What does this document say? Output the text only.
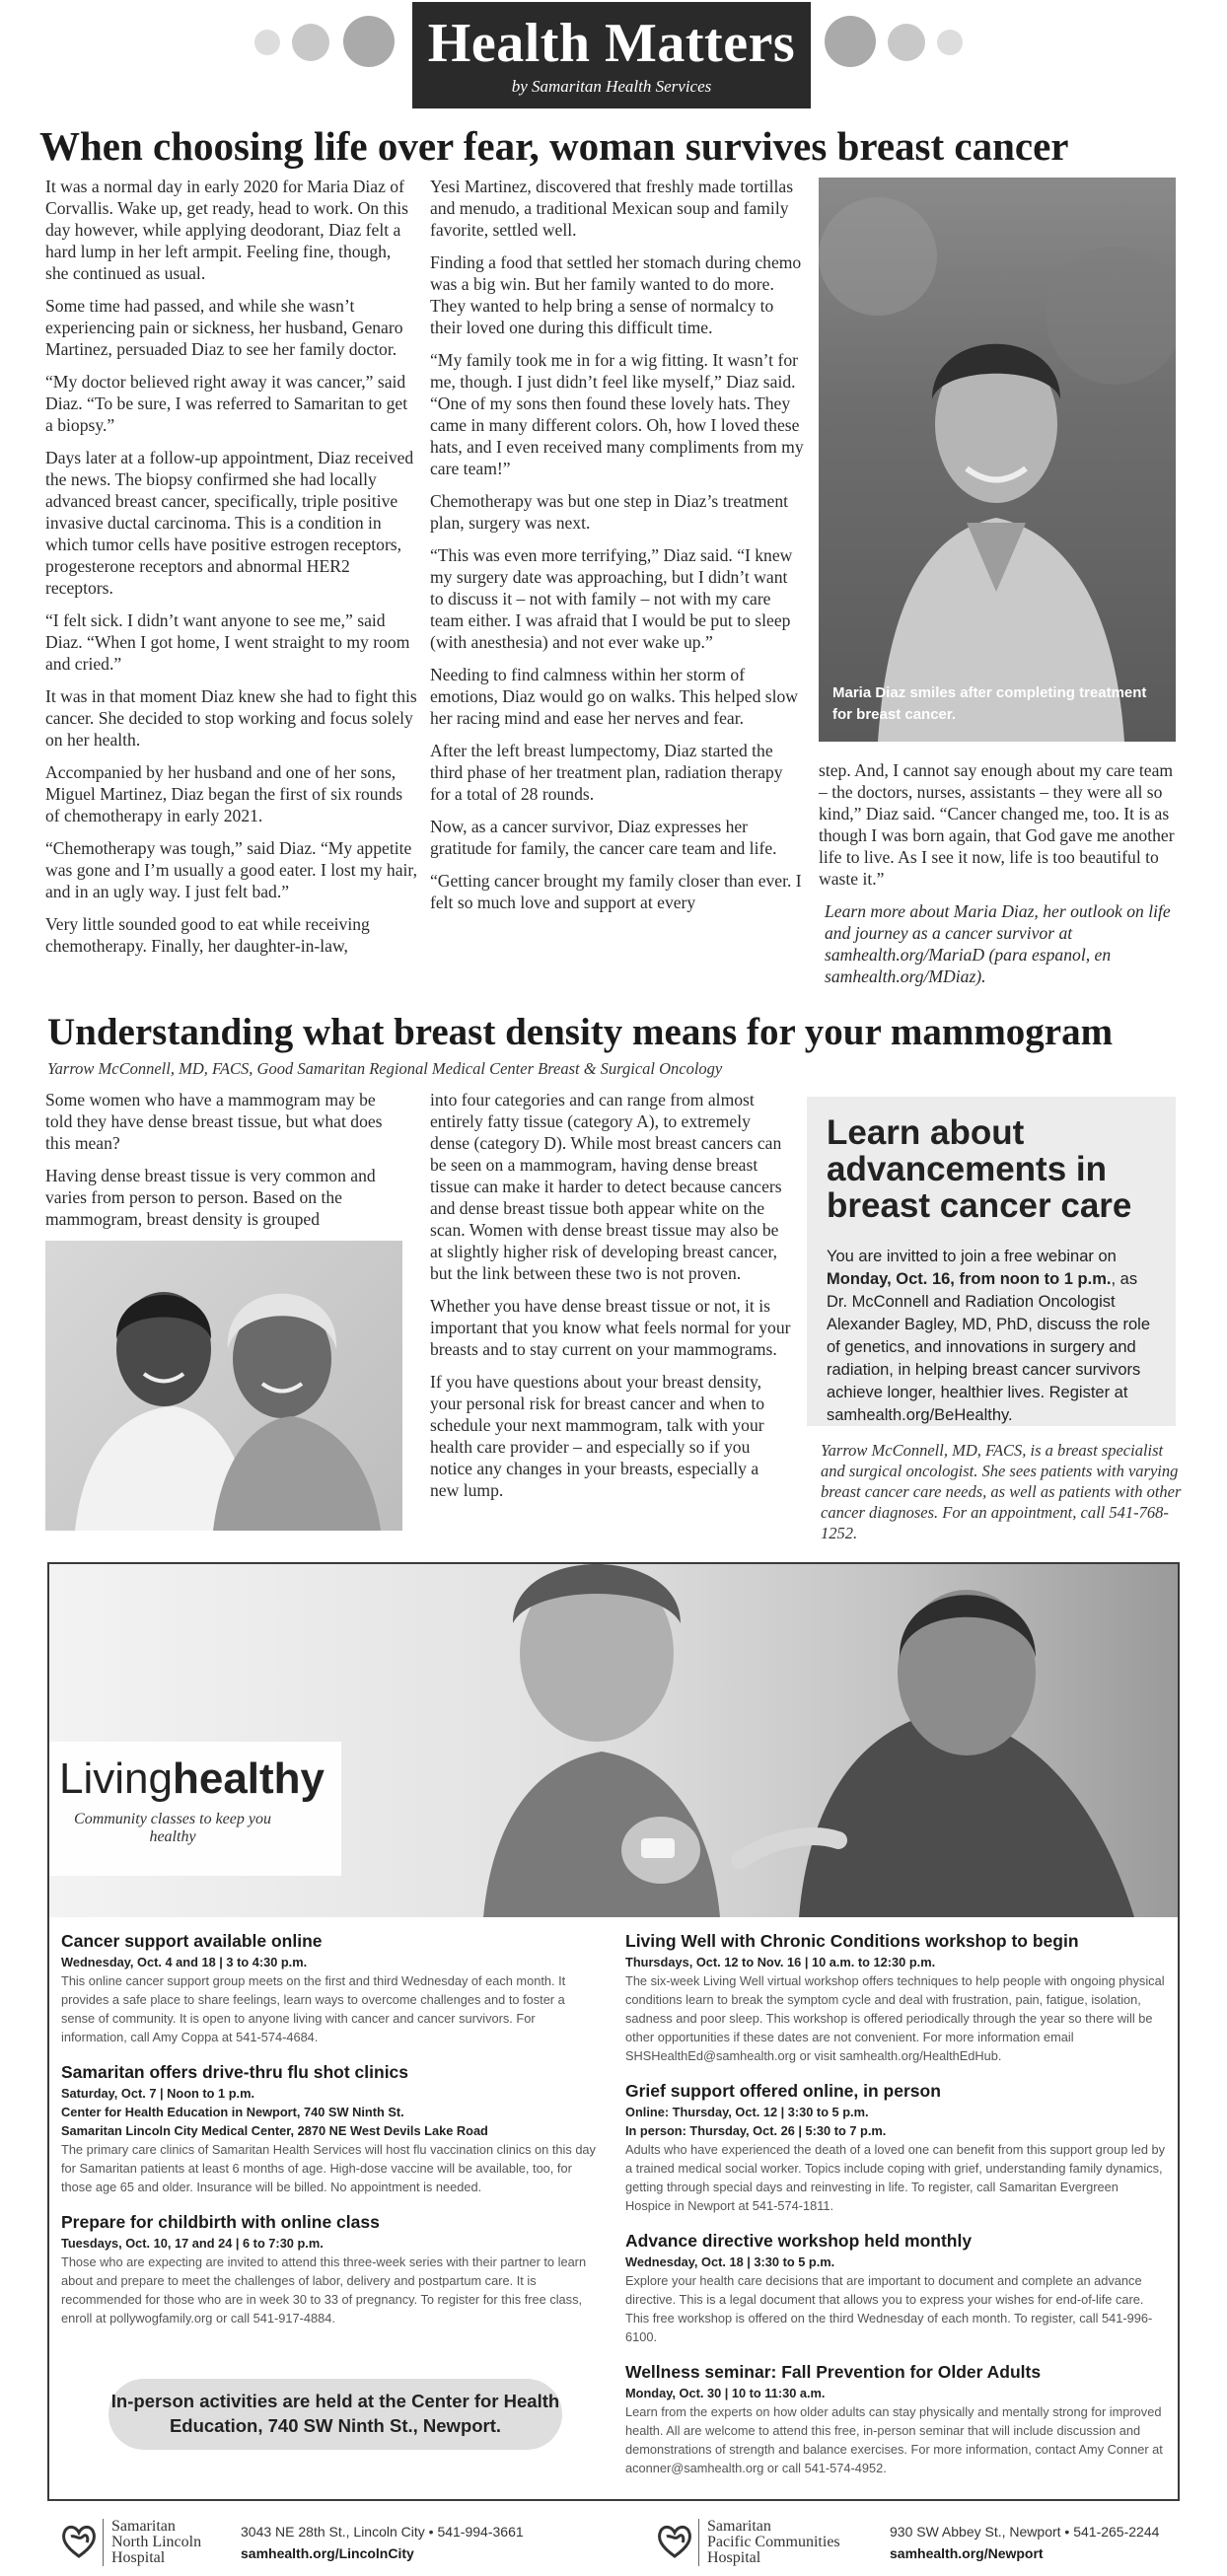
Health Matters
by Samaritan Health Services
When choosing life over fear, woman survives breast cancer

It was a normal day in early 2020 for Maria Diaz of Corvallis. Wake up, get ready, head to work. On this day however, while applying deodorant, Diaz felt a hard lump in her left armpit. Feeling fine, though, she continued as usual.

Some time had passed, and while she wasn’t experiencing pain or sickness, her husband, Genaro Martinez, persuaded Diaz to see her family doctor.

“My doctor believed right away it was cancer,” said Diaz. “To be sure, I was referred to Samaritan to get a biopsy.”

Days later at a follow-up appointment, Diaz received the news. The biopsy confirmed she had locally advanced breast cancer, specifically, triple positive invasive ductal carcinoma. This is a condition in which tumor cells have positive estrogen receptors, progesterone receptors and abnormal HER2 receptors.

“I felt sick. I didn’t want anyone to see me,” said Diaz. “When I got home, I went straight to my room and cried.”

It was in that moment Diaz knew she had to fight this cancer. She decided to stop working and focus solely on her health.

Accompanied by her husband and one of her sons, Miguel Martinez, Diaz began the first of six rounds of chemotherapy in early 2021.

“Chemotherapy was tough,” said Diaz. “My appetite was gone and I’m usually a good eater. I lost my hair, and in an ugly way. I just felt bad.”

Very little sounded good to eat while receiving chemotherapy. Finally, her daughter-in-law,

Yesi Martinez, discovered that freshly made tortillas and menudo, a traditional Mexican soup and family favorite, settled well.

Finding a food that settled her stomach during chemo was a big win. But her family wanted to do more. They wanted to help bring a sense of normalcy to their loved one during this difficult time.

“My family took me in for a wig fitting. It wasn’t for me, though. I just didn’t feel like myself,” Diaz said. “One of my sons then found these lovely hats. They came in many different colors. Oh, how I loved these hats, and I even received many compliments from my care team!”

Chemotherapy was but one step in Diaz’s treatment plan, surgery was next.

“This was even more terrifying,” Diaz said. “I knew my surgery date was approaching, but I didn’t want to discuss it – not with family – not with my care team either. I was afraid that I would be put to sleep (with anesthesia) and not ever wake up.”

Needing to find calmness within her storm of emotions, Diaz would go on walks. This helped slow her racing mind and ease her nerves and fear.

After the left breast lumpectomy, Diaz started the third phase of her treatment plan, radiation therapy for a total of 28 rounds.

Now, as a cancer survivor, Diaz expresses her gratitude for family, the cancer care team and life.

“Getting cancer brought my family closer than ever. I felt so much love and support at every

Maria Diaz smiles after completing treatment for breast cancer.

step. And, I cannot say enough about my care team – the doctors, nurses, assistants – they were all so kind,” Diaz said. “Cancer changed me, too. It is as though I was born again, that God gave me another life to live. As I see it now, life is too beautiful to waste it.”

Learn more about Maria Diaz, her outlook on life and journey as a cancer survivor at samhealth.org/MariaD (para espanol, en samhealth.org/MDiaz).

Understanding what breast density means for your mammogram
Yarrow McConnell, MD, FACS, Good Samaritan Regional Medical Center Breast & Surgical Oncology

Some women who have a mammogram may be told they have dense breast tissue, but what does this mean?

Having dense breast tissue is very common and varies from person to person. Based on the mammogram, breast density is grouped

into four categories and can range from almost entirely fatty tissue (category A), to extremely dense (category D). While most breast cancers can be seen on a mammogram, having dense breast tissue can make it harder to detect because cancers and dense breast tissue both appear white on the scan. Women with dense breast tissue may also be at slightly higher risk of developing breast cancer, but the link between these two is not proven.

Whether you have dense breast tissue or not, it is important that you know what feels normal for your breasts and to stay current on your mammograms.

If you have questions about your breast density, your personal risk for breast cancer and when to schedule your next mammogram, talk with your health care provider – and especially so if you notice any changes in your breasts, especially a new lump.

Learn about advancements in breast cancer care
You are invitted to join a free webinar on Monday, Oct. 16, from noon to 1 p.m., as Dr. McConnell and Radiation Oncologist Alexander Bagley, MD, PhD, discuss the role of genetics, and innovations in surgery and radiation, in helping breast cancer survivors achieve longer, healthier lives. Register at samhealth.org/BeHealthy.
Yarrow McConnell, MD, FACS, is a breast specialist and surgical oncologist. She sees patients with varying breast cancer care needs, as well as patients with other cancer diagnoses. For an appointment, call 541-768-1252.
Livinghealthy
Community classes to keep you healthy
Cancer support available online
Wednesday, Oct. 4 and 18 | 3 to 4:30 p.m.
This online cancer support group meets on the first and third Wednesday of each month. It provides a safe place to share feelings, learn ways to overcome challenges and to foster a sense of community. It is open to anyone living with cancer and cancer survivors. For information, call Amy Coppa at 541-574-4684.
Samaritan offers drive-thru flu shot clinics
Saturday, Oct. 7 | Noon to 1 p.m.
Center for Health Education in Newport, 740 SW Ninth St.
Samaritan Lincoln City Medical Center, 2870 NE West Devils Lake Road
The primary care clinics of Samaritan Health Services will host flu vaccination clinics on this day for Samaritan patients at least 6 months of age. High-dose vaccine will be available, too, for those age 65 and older. Insurance will be billed. No appointment is needed.
Prepare for childbirth with online class
Tuesdays, Oct. 10, 17 and 24 | 6 to 7:30 p.m.
Those who are expecting are invited to attend this three-week series with their partner to learn about and prepare to meet the challenges of labor, delivery and postpartum care. It is recommended for those who are in week 30 to 33 of pregnancy. To register for this free class, enroll at pollywogfamily.org or call 541-917-4884.
Living Well with Chronic Conditions workshop to begin
Thursdays, Oct. 12 to Nov. 16 | 10 a.m. to 12:30 p.m.
The six-week Living Well virtual workshop offers techniques to help people with ongoing physical conditions learn to break the symptom cycle and deal with frustration, pain, fatigue, isolation, sadness and poor sleep. This workshop is offered periodically through the year so there will be other opportunities if these dates are not convenient. For more information email SHSHealthEd@samhealth.org or visit samhealth.org/HealthEdHub.
Grief support offered online, in person
Online: Thursday, Oct. 12 | 3:30 to 5 p.m.
In person: Thursday, Oct. 26 | 5:30 to 7 p.m.
Adults who have experienced the death of a loved one can benefit from this support group led by a trained medical social worker. Topics include coping with grief, understanding family dynamics, getting through special days and reinvesting in life. To register, call Samaritan Evergreen Hospice in Newport at 541-574-1811.
Advance directive workshop held monthly
Wednesday, Oct. 18 | 3:30 to 5 p.m.
Explore your health care decisions that are important to document and complete an advance directive. This is a legal document that allows you to express your wishes for end-of-life care. This free workshop is offered on the third Wednesday of each month. To register, call 541-996-6100.
Wellness seminar: Fall Prevention for Older Adults
Monday, Oct. 30 | 10 to 11:30 a.m.
Learn from the experts on how older adults can stay physically and mentally strong for improved health. All are welcome to attend this free, in-person seminar that will include discussion and demonstrations of strength and balance exercises. For more information, contact Amy Conner at aconner@samhealth.org or call 541-574-4952.
In-person activities are held at the Center for Health Education, 740 SW Ninth St., Newport.
Samaritan
North Lincoln
Hospital
3043 NE 28th St., Lincoln City • 541-994-3661
samhealth.org/LincolnCity
Samaritan
Pacific Communities
Hospital
930 SW Abbey St., Newport • 541-265-2244
samhealth.org/Newport
